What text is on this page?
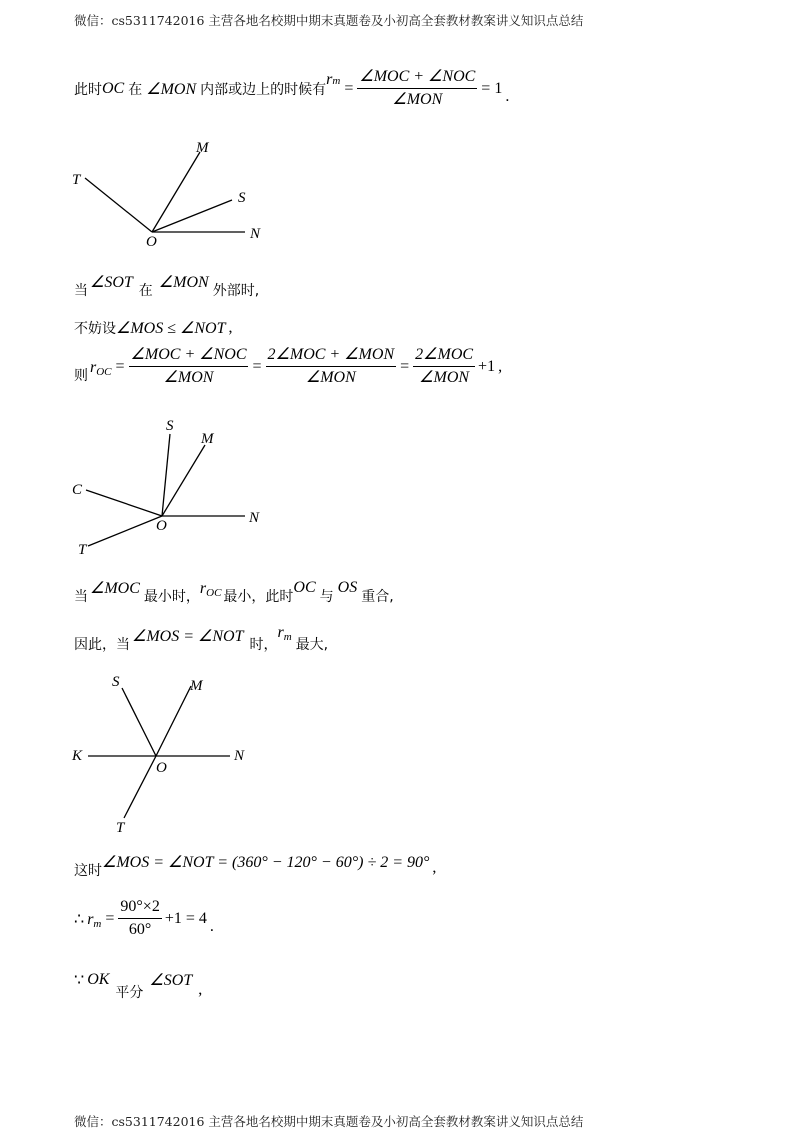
微信：cs5311742016 主营各地名校期中期末真题卷及小初高全套教材教案讲义知识点总结
此时 OC 在 ∠MON 内部或边上的时候有
rm = $\frac{\text{∠MOC + ∠NOC}}{\text{∠MON}} = 1$ .
T
M
S
O	N
当 ∠SOT 在 ∠MON 外部时,
不妨设 ∠MOS ≤ ∠NOT ,
则 rOC = $\frac{\text{∠MOC + ∠NOC}}{\text{∠MON}} = \frac{\text{2∠MOC + ∠MON}}{\text{∠MON}} = \frac{\text{2∠MOC}}{\text{∠MON}} +1$ ,
S
M
C
O	N
T
当 ∠MOC 最小时， rOC 最小，此时
OC
与
OS
重合,
因此，当 ∠MOS = ∠NOT 时，
rm 最大,
S	M
K
O
N
T
这时 ∠MOS = ∠NOT = (360° − 120° − 60°) ÷ 2 = 90° ,
∴ rm = $\frac{90^\circ\times 2}{60^\circ} +1 = 4$ .
∵ OK
平分
∠SOT
,
微信：cs5311742016 主营各地名校期中期末真题卷及小初高全套教材教案讲义知识点总结
